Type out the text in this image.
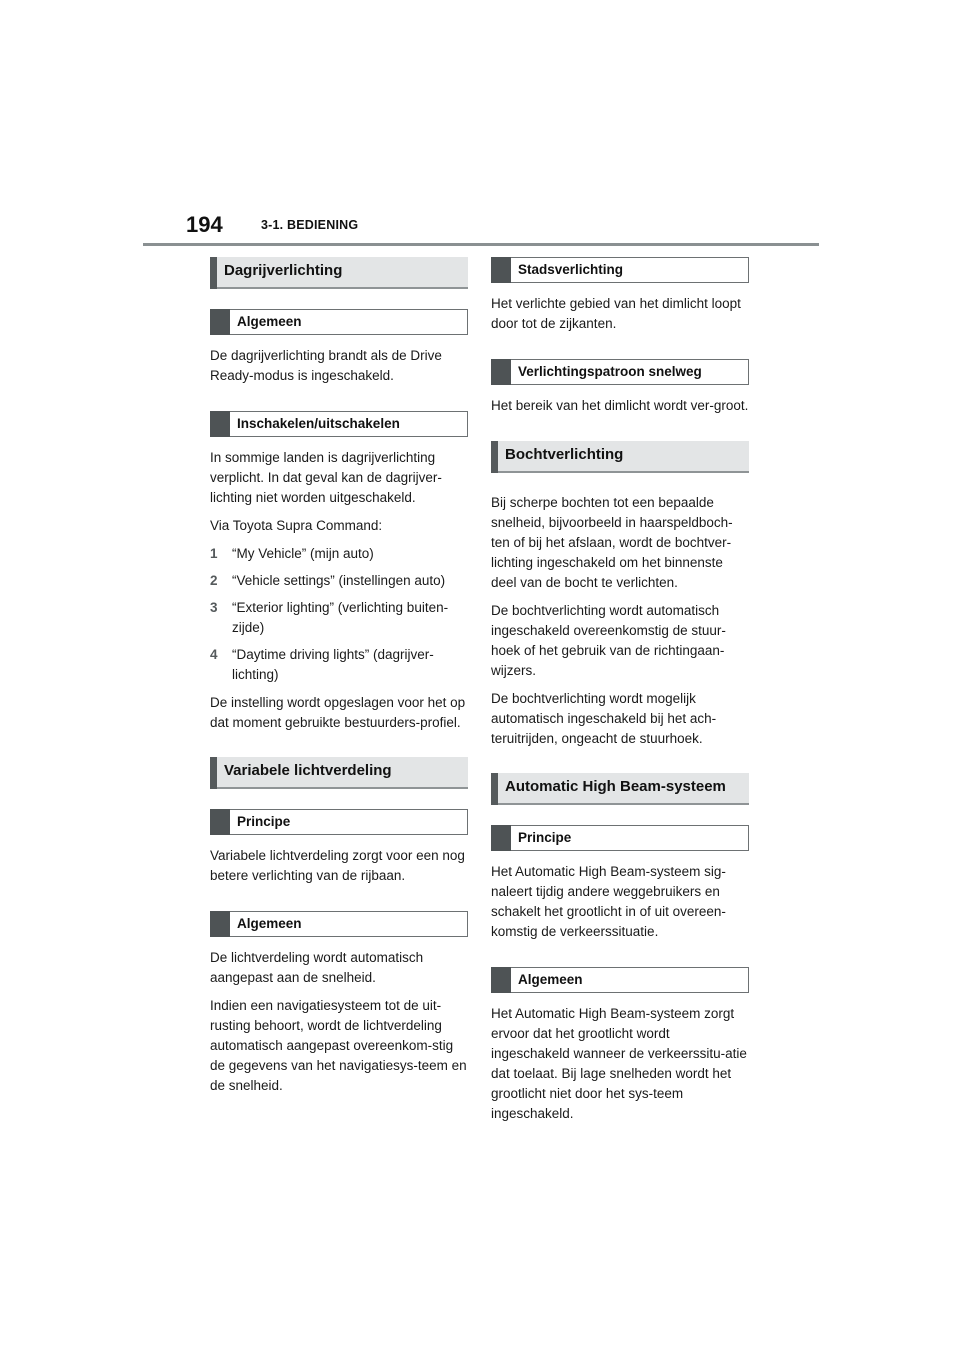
194	3-1. BEDIENING
Dagrijverlichting
Algemeen

De dagrijverlichting brandt als de Drive Ready-modus is ingeschakeld.

Inschakelen/uitschakelen

In sommige landen is dagrijverlichting verplicht. In dat geval kan de dagrijver-lichting niet worden uitgeschakeld.

Via Toyota Supra Command:

1 “My Vehicle” (mijn auto)
2 “Vehicle settings” (instellingen auto)
3 “Exterior lighting” (verlichting buiten-zijde)
4 “Daytime driving lights” (dagrijver-lichting)

De instelling wordt opgeslagen voor het op dat moment gebruikte bestuurders-profiel.

Variabele lichtverdeling
Principe

Variabele lichtverdeling zorgt voor een nog betere verlichting van de rijbaan.

Algemeen

De lichtverdeling wordt automatisch aangepast aan de snelheid.

Indien een navigatiesysteem tot de uit-rusting behoort, wordt de lichtverdeling automatisch aangepast overeenkom-stig de gegevens van het navigatiesys-teem en de snelheid.

Stadsverlichting

Het verlichte gebied van het dimlicht loopt door tot de zijkanten.

Verlichtingspatroon snelweg

Het bereik van het dimlicht wordt ver-groot.

Bochtverlichting

Bij scherpe bochten tot een bepaalde snelheid, bijvoorbeeld in haarspeldboch-ten of bij het afslaan, wordt de bochtver-lichting ingeschakeld om het binnenste deel van de bocht te verlichten.

De bochtverlichting wordt automatisch ingeschakeld overeenkomstig de stuur-hoek of het gebruik van de richtingaan-wijzers.

De bochtverlichting wordt mogelijk automatisch ingeschakeld bij het ach-teruitrijden, ongeacht de stuurhoek.

Automatic High Beam-systeem
Principe

Het Automatic High Beam-systeem sig-naleert tijdig andere weggebruikers en schakelt het grootlicht in of uit overeen-komstig de verkeerssituatie.

Algemeen

Het Automatic High Beam-systeem zorgt ervoor dat het grootlicht wordt ingeschakeld wanneer de verkeerssitu-atie dat toelaat. Bij lage snelheden wordt het grootlicht niet door het sys-teem ingeschakeld.
